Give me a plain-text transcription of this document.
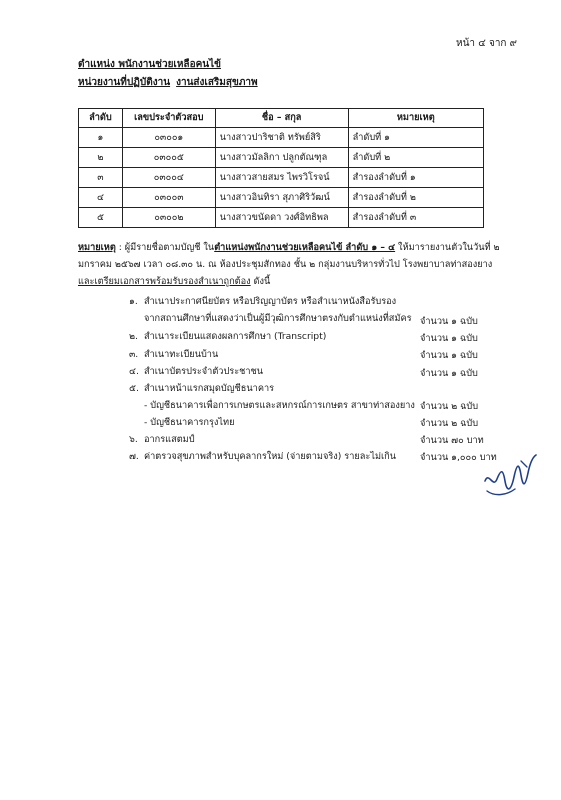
หน้า ๔ จาก ๙
ตำแหน่ง พนักงานช่วยเหลือคนไข้
หน่วยงานที่ปฏิบัติงาน งานส่งเสริมสุขภาพ
ลำดับ	เลขประจำตัวสอบ	ชื่อ – สกุล	หมายเหตุ
๑	๐๓๐๐๑	นางสาวปาริชาติ ทรัพย์สิริ	ลำดับที่ ๑
๒	๐๓๐๐๕	นางสาวมัลลิกา ปลูกตัณฑุล	ลำดับที่ ๒
๓	๐๓๐๐๔	นางสาวสายสมร ไพรวิโรจน์	สำรองลำดับที่ ๑
๔	๐๓๐๐๓	นางสาวอินทิรา สุภาศิริวัฒน์	สำรองลำดับที่ ๒
๕	๐๓๐๐๒	นางสาวขนัดดา วงศ์อิทธิพล	สำรองลำดับที่ ๓
หมายเหตุ : ผู้มีรายชื่อตามบัญชี ในตำแหน่งพนักงานช่วยเหลือคนไข้ ลำดับ ๑ – ๔ ให้มารายงานตัวในวันที่ ๒
มกราคม ๒๕๖๗ เวลา ๐๘.๓๐ น. ณ ห้องประชุมสักทอง ชั้น ๒ กลุ่มงานบริหารทั่วไป โรงพยาบาลท่าสองยาง
และเตรียมเอกสารพร้อมรับรองสำเนาถูกต้อง ดังนี้
๑. สำเนาประกาศนียบัตร หรือปริญญาบัตร หรือสำเนาหนังสือรับรอง
จากสถานศึกษาที่แสดงว่าเป็นผู้มีวุฒิการศึกษาตรงกับตำแหน่งที่สมัคร จำนวน ๑ ฉบับ
๒. สำเนาระเบียนแสดงผลการศึกษา (Transcript)	จำนวน ๑ ฉบับ
๓. สำเนาทะเบียนบ้าน	จำนวน ๑ ฉบับ
๔. สำเนาบัตรประจำตัวประชาชน	จำนวน ๑ ฉบับ
๕. สำเนาหน้าแรกสมุดบัญชีธนาคาร
- บัญชีธนาคารเพื่อการเกษตรและสหกรณ์การเกษตร สาขาท่าสองยาง จำนวน ๒ ฉบับ
- บัญชีธนาคารกรุงไทย	จำนวน ๒ ฉบับ
๖. อากรแสตมป์	จำนวน ๗๐ บาท
๗. ค่าตรวจสุขภาพสำหรับบุคลากรใหม่ (จ่ายตามจริง) รายละไม่เกิน	จำนวน ๑,๐๐๐ บาท
